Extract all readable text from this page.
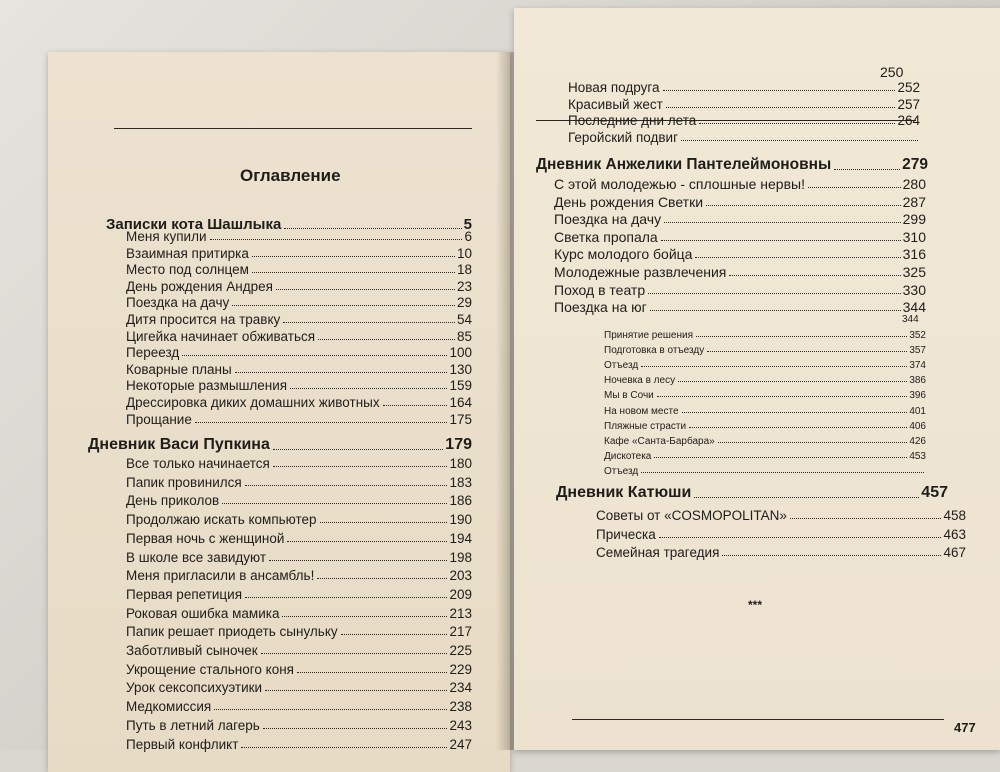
Оглавление
Записки кота Шашлыка	5
Меня купили	6
Взаимная притирка	10
Место под солнцем	18
День рождения Андрея	23
Поездка на дачу	29
Дитя просится на травку	54
Цигейка начинает обживаться	85
Переезд	100
Коварные планы	130
Некоторые размышления	159
Дрессировка диких домашних животных	164
Прощание	175
Дневник Васи Пупкина	179
Все только начинается	180
Папик провинился	183
День приколов	186
Продолжаю искать компьютер	190
Первая ночь с женщиной	194
В школе все завидуют	198
Меня пригласили в ансамбль!	203
Первая репетиция	209
Роковая ошибка мамика	213
Папик решает приодеть сынульку	217
Заботливый сыночек	225
Укрощение стального коня	229
Урок сексопсихуэтики	234
Медкомиссия	238
Путь в летний лагерь	243
Первый конфликт	247
250
Новая подруга	252
Красивый жест	257
Последние дни лета	264
Геройский подвиг
Дневник Анжелики Пантелеймоновны	279
С этой молодежью - сплошные нервы!	280
День рождения Светки	287
Поездка на дачу	299
Светка пропала	310
Курс молодого бойца	316
Молодежные развлечения	325
Поход в театр	330
Поездка на юг	344
344
Принятие решения	352
Подготовка в отъезду	357
Отъезд	374
Ночевка в лесу	386
Мы в Сочи	396
На новом месте	401
Пляжные страсти	406
Кафе «Санта-Барбара»	426
Дискотека	453
Отъезд
Дневник Катюши	457
Советы от «COSMOPOLITAN»	458
Прическа	463
Семейная трагедия	467
***
477
